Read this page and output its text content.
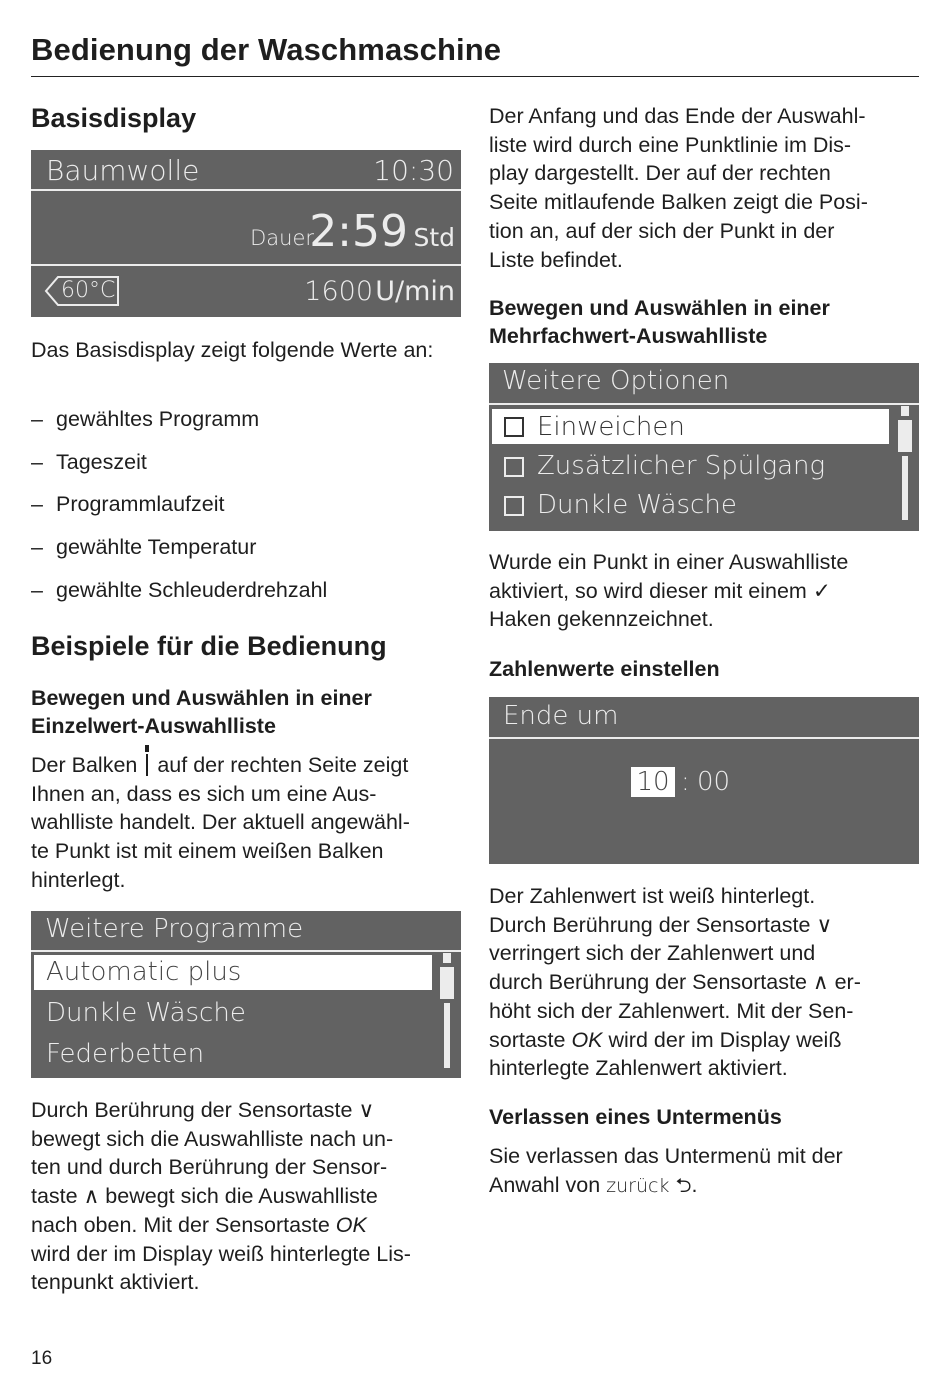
Bedienung der Waschmaschine
Basisdisplay
Baumwolle	10:30
Dauer
2:59 Std
60°C	1600 U/min
Das Basisdisplay zeigt folgende Werte an:
– gewähltes Programm
– Tageszeit
– Programmlaufzeit
– gewählte Temperatur
– gewählte Schleuderdrehzahl
Beispiele für die Bedienung
Bewegen und Auswählen in einer
Einzelwert-Auswahlliste
Der Balken auf der rechten Seite zeigt
Ihnen an, dass es sich um eine Aus-
wahlliste handelt. Der aktuell angewähl-
te Punkt ist mit einem weißen Balken
hinterlegt.
Weitere Programme
Automatic plus
Dunkle Wäsche
Federbetten
Durch Berührung der Sensortaste ∨
bewegt sich die Auswahlliste nach un-
ten und durch Berührung der Sensor-
taste ∧ bewegt sich die Auswahlliste
nach oben. Mit der Sensortaste OK
wird der im Display weiß hinterlegte Lis-
tenpunkt aktiviert.
Der Anfang und das Ende der Auswahl-
liste wird durch eine Punktlinie im Dis-
play dargestellt. Der auf der rechten
Seite mitlaufende Balken zeigt die Posi-
tion an, auf der sich der Punkt in der
Liste befindet.
Bewegen und Auswählen in einer
Mehrfachwert-Auswahlliste
Weitere Optionen
Einweichen
Zusätzlicher Spülgang
Dunkle Wäsche
Wurde ein Punkt in einer Auswahlliste
aktiviert, so wird dieser mit einem ✓
Haken gekennzeichnet.
Zahlenwerte einstellen
Ende um
10 : 00
Der Zahlenwert ist weiß hinterlegt.
Durch Berührung der Sensortaste ∨
verringert sich der Zahlenwert und
durch Berührung der Sensortaste ∧ er-
höht sich der Zahlenwert. Mit der Sen-
sortaste OK wird der im Display weiß
hinterlegte Zahlenwert aktiviert.
Verlassen eines Untermenüs
Sie verlassen das Untermenü mit der
Anwahl von zurück ⮌.
16
